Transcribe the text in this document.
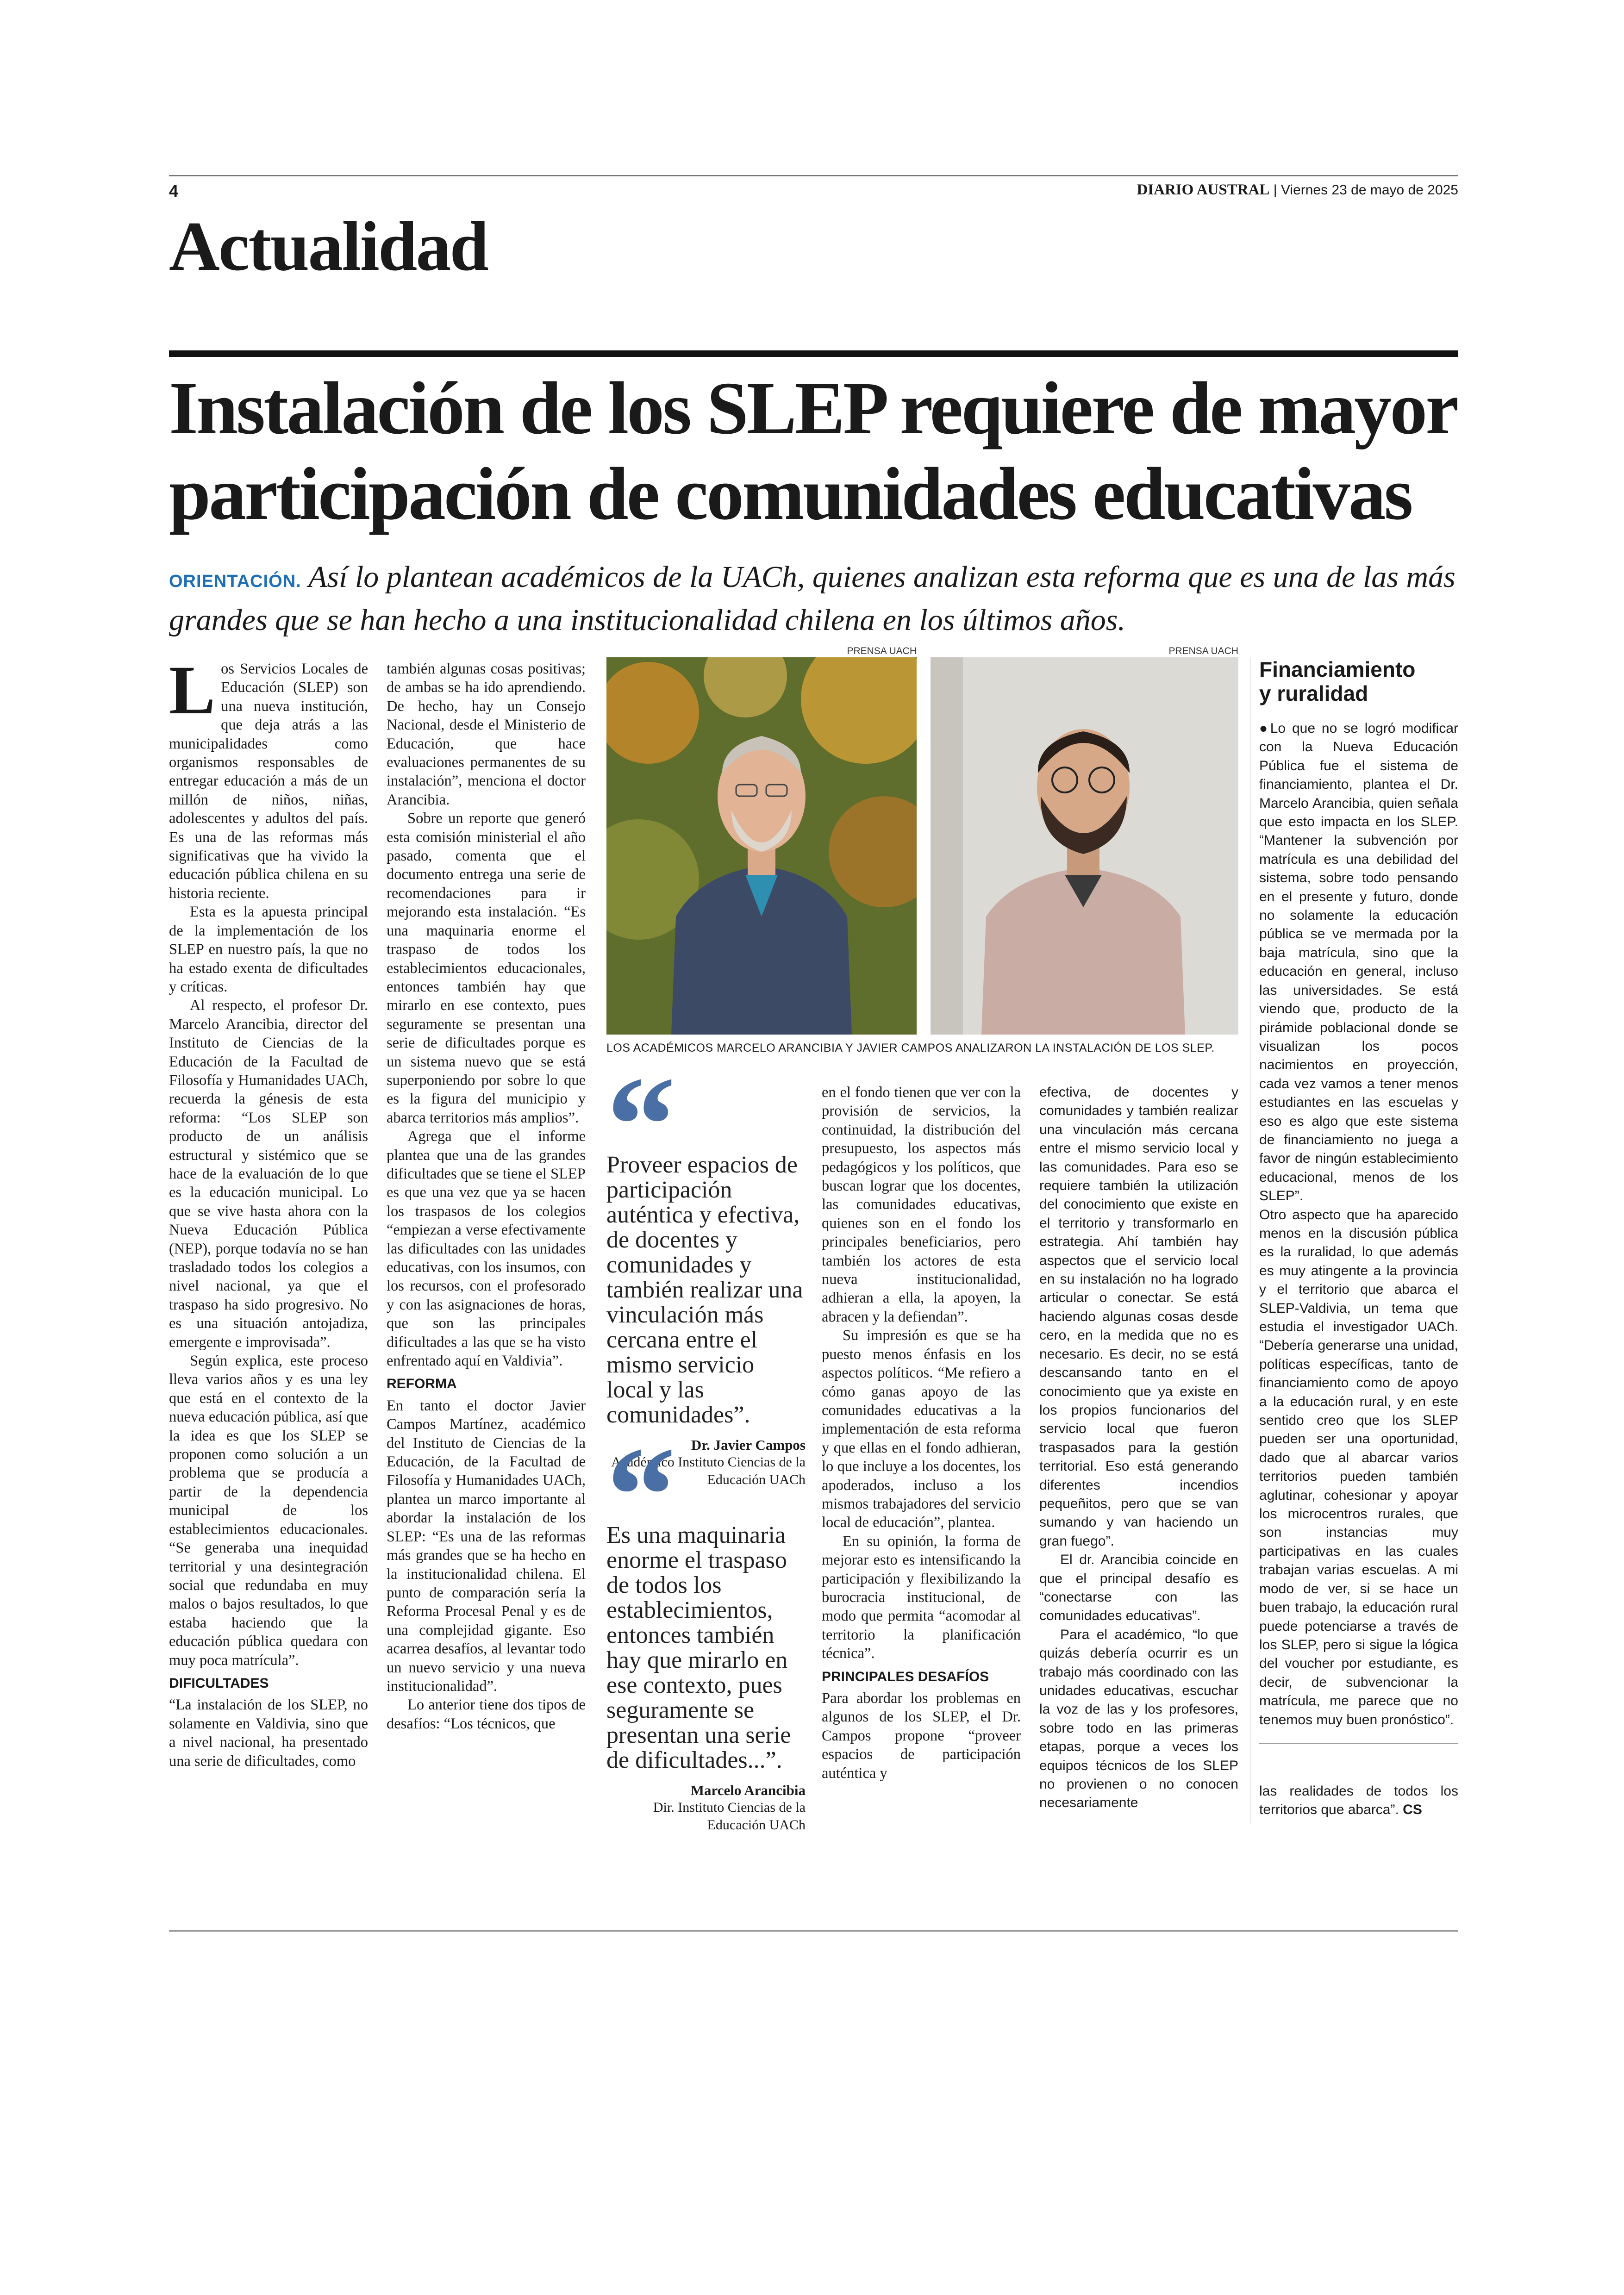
4	DIARIO AUSTRAL | Viernes 23 de mayo de 2025
Actualidad
Instalación de los SLEP requiere de mayor
participación de comunidades educativas
ORIENTACIÓN. Así lo plantean académicos de la UACh, quienes analizan esta reforma que es una de las más grandes que se han hecho a una institucionalidad chilena en los últimos años.

Los Servicios Locales de Educación (SLEP) son una nueva institución, que deja atrás a las municipalidades como organismos responsables de entregar educación a más de un millón de niños, niñas, adolescentes y adultos del país. Es una de las reformas más significativas que ha vivido la educación pública chilena en su historia reciente.

Esta es la apuesta principal de la implementación de los SLEP en nuestro país, la que no ha estado exenta de dificultades y críticas.

Al respecto, el profesor Dr. Marcelo Arancibia, director del Instituto de Ciencias de la Educación de la Facultad de Filosofía y Humanidades UACh, recuerda la génesis de esta reforma: “Los SLEP son producto de un análisis estructural y sistémico que se hace de la evaluación de lo que es la educación municipal. Lo que se vive hasta ahora con la Nueva Educación Pública (NEP), porque todavía no se han trasladado todos los colegios a nivel nacional, ya que el traspaso ha sido progresivo. No es una situación antojadiza, emergente e improvisada”.

Según explica, este proceso lleva varios años y es una ley que está en el contexto de la nueva educación pública, así que la idea es que los SLEP se proponen como solución a un problema que se producía a partir de la dependencia municipal de los establecimientos educacionales. “Se generaba una inequidad territorial y una desintegración social que redundaba en muy malos o bajos resultados, lo que estaba haciendo que la educación pública quedara con muy poca matrícula”.

DIFICULTADES

“La instalación de los SLEP, no solamente en Valdivia, sino que a nivel nacional, ha presentado una serie de dificultades, como

también algunas cosas positivas; de ambas se ha ido aprendiendo. De hecho, hay un Consejo Nacional, desde el Ministerio de Educación, que hace evaluaciones permanentes de su instalación”, menciona el doctor Arancibia.

Sobre un reporte que generó esta comisión ministerial el año pasado, comenta que el documento entrega una serie de recomendaciones para ir mejorando esta instalación. “Es una maquinaria enorme el traspaso de todos los establecimientos educacionales, entonces también hay que mirarlo en ese contexto, pues seguramente se presentan una serie de dificultades porque es un sistema nuevo que se está superponiendo por sobre lo que es la figura del municipio y abarca territorios más amplios”.

Agrega que el informe plantea que una de las grandes dificultades que se tiene el SLEP es que una vez que ya se hacen los traspasos de los colegios “empiezan a verse efectivamente las dificultades con las unidades educativas, con los insumos, con los recursos, con el profesorado y con las asignaciones de horas, que son las principales dificultades a las que se ha visto enfrentado aquí en Valdivia”.

REFORMA

En tanto el doctor Javier Campos Martínez, académico del Instituto de Ciencias de la Educación, de la Facultad de Filosofía y Humanidades UACh, plantea un marco importante al abordar la instalación de los SLEP: “Es una de las reformas más grandes que se ha hecho en la institucionalidad chilena. El punto de comparación sería la Reforma Procesal Penal y es de una complejidad gigante. Eso acarrea desafíos, al levantar todo un nuevo servicio y una nueva institucionalidad”.

Lo anterior tiene dos tipos de desafíos: “Los técnicos, que

PRENSA UACH	PRENSA UACH
LOS ACADÉMICOS MARCELO ARANCIBIA Y JAVIER CAMPOS ANALIZARON LA INSTALACIÓN DE LOS SLEP.
Proveer espacios de participación auténtica y efectiva, de docentes y comunidades y también realizar una vinculación más cercana entre el mismo servicio local y las comunidades”.
Dr. Javier Campos
Académico Instituto Ciencias de la Educación UACh
Es una maquinaria enorme el traspaso de todos los establecimientos, entonces también hay que mirarlo en ese contexto, pues seguramente se presentan una serie de dificultades...”.
Marcelo Arancibia
Dir. Instituto Ciencias de la Educación UACh

en el fondo tienen que ver con la provisión de servicios, la continuidad, la distribución del presupuesto, los aspectos más pedagógicos y los políticos, que buscan lograr que los docentes, las comunidades educativas, quienes son en el fondo los principales beneficiarios, pero también los actores de esta nueva institucionalidad, adhieran a ella, la apoyen, la abracen y la defiendan”.

Su impresión es que se ha puesto menos énfasis en los aspectos políticos. “Me refiero a cómo ganas apoyo de las comunidades educativas a la implementación de esta reforma y que ellas en el fondo adhieran, lo que incluye a los docentes, los apoderados, incluso a los mismos trabajadores del servicio local de educación”, plantea.

En su opinión, la forma de mejorar esto es intensificando la participación y flexibilizando la burocracia institucional, de modo que permita “acomodar al territorio la planificación técnica”.

PRINCIPALES DESAFÍOS

Para abordar los problemas en algunos de los SLEP, el Dr. Campos propone “proveer espacios de participación auténtica y

efectiva, de docentes y comunidades y también realizar una vinculación más cercana entre el mismo servicio local y las comunidades. Para eso se requiere también la utilización del conocimiento que existe en el territorio y transformarlo en estrategia. Ahí también hay aspectos que el servicio local en su instalación no ha logrado articular o conectar. Se está haciendo algunas cosas desde cero, en la medida que no es necesario. Es decir, no se está descansando tanto en el conocimiento que ya existe en los propios funcionarios del servicio local que fueron traspasados para la gestión territorial. Eso está generando diferentes incendios pequeñitos, pero que se van sumando y van haciendo un gran fuego”.

El dr. Arancibia coincide en que el principal desafío es “conectarse con las comunidades educativas”.

Para el académico, “lo que quizás debería ocurrir es un trabajo más coordinado con las unidades educativas, escuchar la voz de las y los profesores, sobre todo en las primeras etapas, porque a veces los equipos técnicos de los SLEP no provienen o no conocen necesariamente

Financiamiento
y ruralidad

●Lo que no se logró modificar con la Nueva Educación Pública fue el sistema de financiamiento, plantea el Dr. Marcelo Arancibia, quien señala que esto impacta en los SLEP. “Mantener la subvención por matrícula es una debilidad del sistema, sobre todo pensando en el presente y futuro, donde no solamente la educación pública se ve mermada por la baja matrícula, sino que la educación en general, incluso las universidades. Se está viendo que, producto de la pirámide poblacional donde se visualizan los pocos nacimientos en proyección, cada vez vamos a tener menos estudiantes en las escuelas y eso es algo que este sistema de financiamiento no juega a favor de ningún establecimiento educacional, menos de los SLEP”.

Otro aspecto que ha aparecido menos en la discusión pública es la ruralidad, lo que además es muy atingente a la provincia y el territorio que abarca el SLEP-Valdivia, un tema que estudia el investigador UACh. “Debería generarse una unidad, políticas específicas, tanto de financiamiento como de apoyo a la educación rural, y en este sentido creo que los SLEP pueden ser una oportunidad, dado que al abarcar varios territorios pueden también aglutinar, cohesionar y apoyar los microcentros rurales, que son instancias muy participativas en las cuales trabajan varias escuelas. A mi modo de ver, si se hace un buen trabajo, la educación rural puede potenciarse a través de los SLEP, pero si sigue la lógica del voucher por estudiante, es decir, de subvencionar la matrícula, me parece que no tenemos muy buen pronóstico”.

las realidades de todos los territorios que abarca”. CS
